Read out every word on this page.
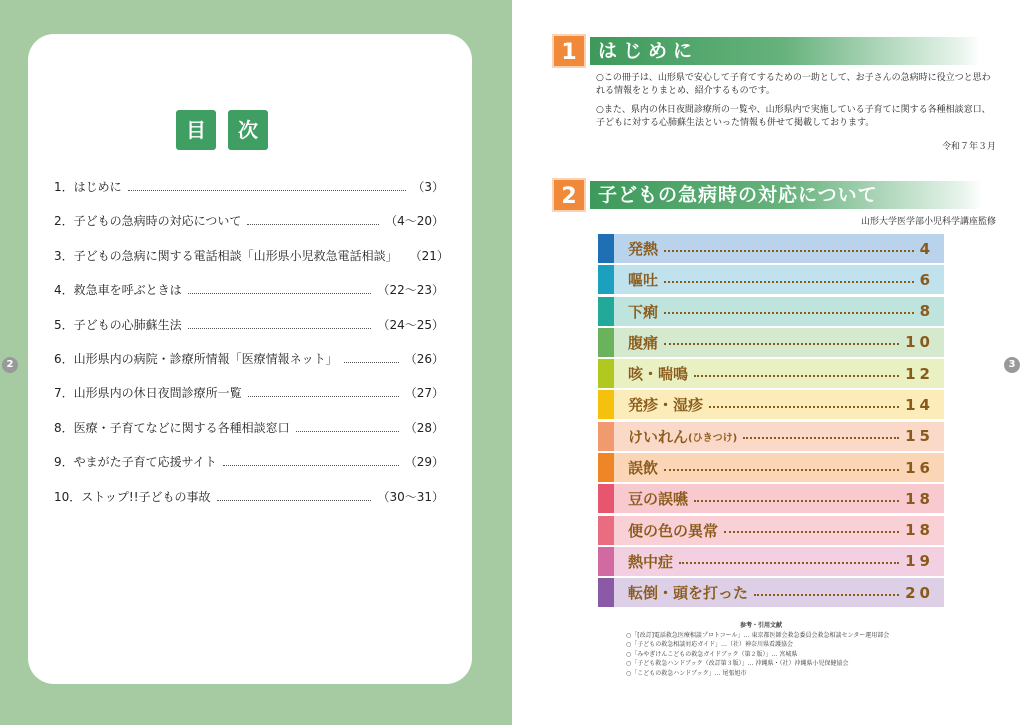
目	次
1．はじめに	（3）
2．子どもの急病時の対応について	（4～20）
3．子どもの急病に関する電話相談「山形県小児救急電話相談」 （21）
4．救急車を呼ぶときは	（22～23）
5．子どもの心肺蘇生法	（24～25）
6．山形県内の病院・診療所情報「医療情報ネット」	（26）
7．山形県内の休日夜間診療所一覧	（27）
8．医療・子育てなどに関する各種相談窓口	（28）
9．やまがた子育て応援サイト	（29）
10．ストップ!!子どもの事故	（30～31）
2	3
1	はじめに
○この冊子は、山形県で安心して子育てするための一助として、お子さんの急病時に役立つと思われる情報をとりまとめ、紹介するものです。
○また、県内の休日夜間診療所の一覧や、山形県内で実施している子育てに関する各種相談窓口、子どもに対する心肺蘇生法といった情報も併せて掲載しております。
令和７年３月
2	子どもの急病時の対応について
山形大学医学部小児科学講座監修
発熱	4
嘔吐	6
下痢	8
腹痛	10
咳・喘鳴	12
発疹・湿疹	14
けいれん (ひきつけ)	15
誤飲	16
豆の誤嚥	18
便の色の異常	18
熱中症	19
転倒・頭を打った	20
参考・引用文献
○「[改訂]電話救急医療相談プロトコール」… 東京都医師会救急委員会救急相談センター運用部会
○「子どもの救急相談対応ガイド」…（社）神奈川県看護協会
○「みやぎけんこどもの救急ガイドブック（第２版）」… 宮城県
○「子ども救急ハンドブック（改訂第３版）」… 沖縄県・（社）沖縄県小児保健協会
○「こどもの救急ハンドブック」… 尾張旭市
